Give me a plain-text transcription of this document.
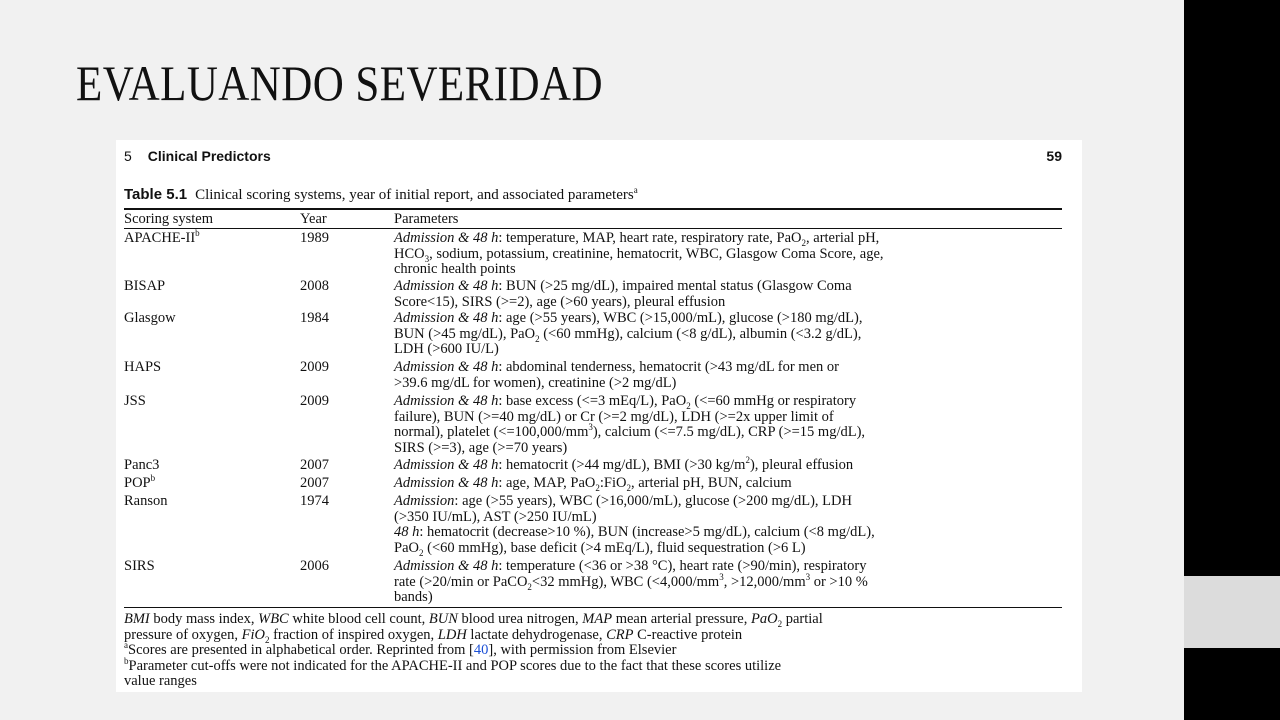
EVALUANDO SEVERIDAD
5 Clinical Predictors	59
Table 5.1 Clinical scoring systems, year of initial report, and associated parameters$^a$
Scoring system	Year	Parameters
APACHE-$II^b$	1989	Admission & 48 h: temperature, MAP, heart rate, respiratory rate, PaO$_2$, arterial pH,
$HCO_3$, sodium, potassium, creatinine, hematocrit, WBC, Glasgow Coma Score, age,
chronic health points
BISAP	2008	Admission & 48 h: BUN (>25 mg/dL), impaired mental status (Glasgow Coma
Score<15), SIRS (>=2), age (>60 years), pleural effusion
Glasgow	1984	Admission & 48 h: age (>55 years), WBC (>15,000/mL), glucose (>180 mg/dL),
BUN (>45 mg/dL), PaO$_2$ (<60 mmHg), calcium (<8 g/dL), albumin (<3.2 g/dL),
LDH (>600 IU/L)
HAPS	2009	Admission & 48 h: abdominal tenderness, hematocrit (>43 mg/dL for men or
>39.6 mg/dL for women), creatinine (>2 mg/dL)
JSS	2009	Admission & 48 h: base excess (<=3 mEq/L), PaO$_2$ (<=60 mmHg or respiratory
failure), BUN (>=40 mg/dL) or Cr (>=2 mg/dL), LDH (>=2x upper limit of
normal), platelet $(<=100,000/mm^3)$, calcium (<=7.5 mg/dL), CRP (>=15 mg/dL),
SIRS (>=3), age (>=70 years)
Panc3	2007	Admission & 48 h: hematocrit (>44 mg/dL), BMI (>30 $kg/m^2$), pleural effusion
POP$^b$	2007	Admission & 48 h: age, MAP, PaO$_2$:FiO$_2$, arterial pH, BUN, calcium
Ranson	1974	Admission: age (>55 years), WBC (>16,000/mL), glucose (>200 mg/dL), LDH
(>350 IU/mL), AST (>250 IU/mL)
48 h: hematocrit (decrease>10 %), BUN (increase>5 mg/dL), calcium (<8 mg/dL),
PaO$_2$ (<60 mmHg), base deficit (>4 mEq/L), fluid sequestration (>6 L)
SIRS	2006	Admission & 48 h: temperature (<36 or >38 °C), heart rate (>90/min), respiratory
rate (>20/min or PaCO$_2$<32 mmHg), WBC ($<4,000/mm^3$, $>12,000/mm^3$ or >10 %
bands)

BMI body mass index, WBC white blood cell count, BUN blood urea nitrogen, MAP mean arterial pressure, PaO$_2$ partial

pressure of oxygen, FiO$_2$ fraction of inspired oxygen, LDH lactate dehydrogenase, CRP C-reactive protein

$^a$Scores are presented in alphabetical order. Reprinted from [40], with permission from Elsevier

$^b$Parameter cut-offs were not indicated for the APACHE-II and POP scores due to the fact that these scores utilize

value ranges
